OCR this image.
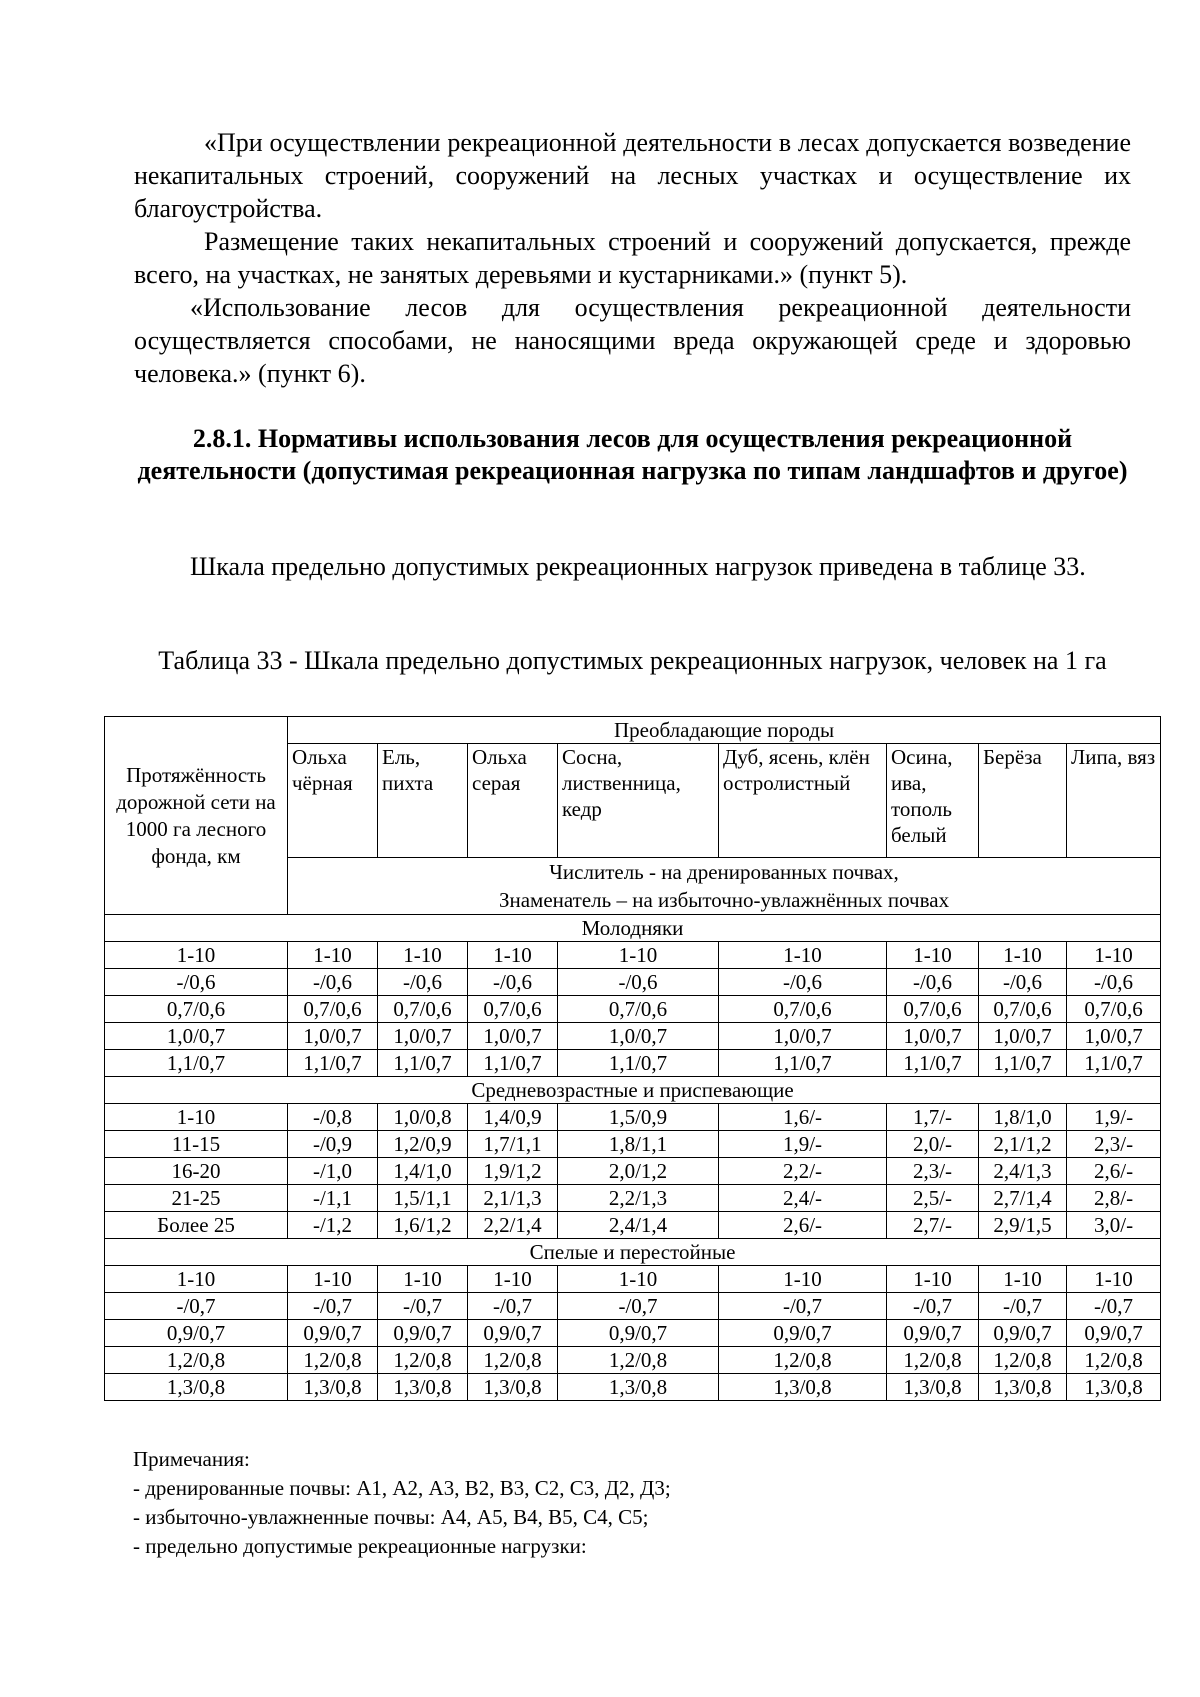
«При осуществлении рекреационной деятельности в лесах допускается возведение некапитальных строений, сооружений на лесных участках и осуществление их благоустройства.

Размещение таких некапитальных строений и сооружений допускается, прежде всего, на участках, не занятых деревьями и кустарниками.» (пункт 5).

«Использование лесов для осуществления рекреационной деятельности осуществляется способами, не наносящими вреда окружающей среде и здоровью человека.» (пункт 6).

2.8.1. Нормативы использования лесов для осуществления рекреационной деятельности (допустимая рекреационная нагрузка по типам ландшафтов и другое)

Шкала предельно допустимых рекреационных нагрузок приведена в таблице 33.

Таблица 33 - Шкала предельно допустимых рекреационных нагрузок, человек на 1 га

Протяжённость дорожной сети на 1000 га лесного фонда, км	Преобладающие породы							
	Ольха чёрная	Ель, пихта	Ольха серая	Сосна, лиственница, кедр	Дуб, ясень, клён остролистный	Осина, ива, тополь белый	Берёза	Липа, вяз

	Числитель - на дренированных почвах,
Знаменатель – на избыточно-увлажнённых почвах							

Молодняки								
1-10	1-10	1-10	1-10	1-10	1-10	1-10	1-10	1-10
-/0,6	-/0,6	-/0,6	-/0,6	-/0,6	-/0,6	-/0,6	-/0,6	-/0,6
0,7/0,6	0,7/0,6	0,7/0,6	0,7/0,6	0,7/0,6	0,7/0,6	0,7/0,6	0,7/0,6	0,7/0,6
1,0/0,7	1,0/0,7	1,0/0,7	1,0/0,7	1,0/0,7	1,0/0,7	1,0/0,7	1,0/0,7	1,0/0,7
1,1/0,7	1,1/0,7	1,1/0,7	1,1/0,7	1,1/0,7	1,1/0,7	1,1/0,7	1,1/0,7	1,1/0,7
Средневозрастные и приспевающие								
1-10	-/0,8	1,0/0,8	1,4/0,9	1,5/0,9	1,6/-	1,7/-	1,8/1,0	1,9/-
11-15	-/0,9	1,2/0,9	1,7/1,1	1,8/1,1	1,9/-	2,0/-	2,1/1,2	2,3/-
16-20	-/1,0	1,4/1,0	1,9/1,2	2,0/1,2	2,2/-	2,3/-	2,4/1,3	2,6/-
21-25	-/1,1	1,5/1,1	2,1/1,3	2,2/1,3	2,4/-	2,5/-	2,7/1,4	2,8/-
Более 25	-/1,2	1,6/1,2	2,2/1,4	2,4/1,4	2,6/-	2,7/-	2,9/1,5	3,0/-
Спелые и перестойные								
1-10	1-10	1-10	1-10	1-10	1-10	1-10	1-10	1-10
-/0,7	-/0,7	-/0,7	-/0,7	-/0,7	-/0,7	-/0,7	-/0,7	-/0,7
0,9/0,7	0,9/0,7	0,9/0,7	0,9/0,7	0,9/0,7	0,9/0,7	0,9/0,7	0,9/0,7	0,9/0,7
1,2/0,8	1,2/0,8	1,2/0,8	1,2/0,8	1,2/0,8	1,2/0,8	1,2/0,8	1,2/0,8	1,2/0,8
1,3/0,8	1,3/0,8	1,3/0,8	1,3/0,8	1,3/0,8	1,3/0,8	1,3/0,8	1,3/0,8	1,3/0,8
Примечания:
- дренированные почвы: А1, А2, А3, В2, В3, С2, С3, Д2, Д3;
- избыточно-увлажненные почвы: А4, А5, В4, В5, С4, С5;
- предельно допустимые рекреационные нагрузки:
